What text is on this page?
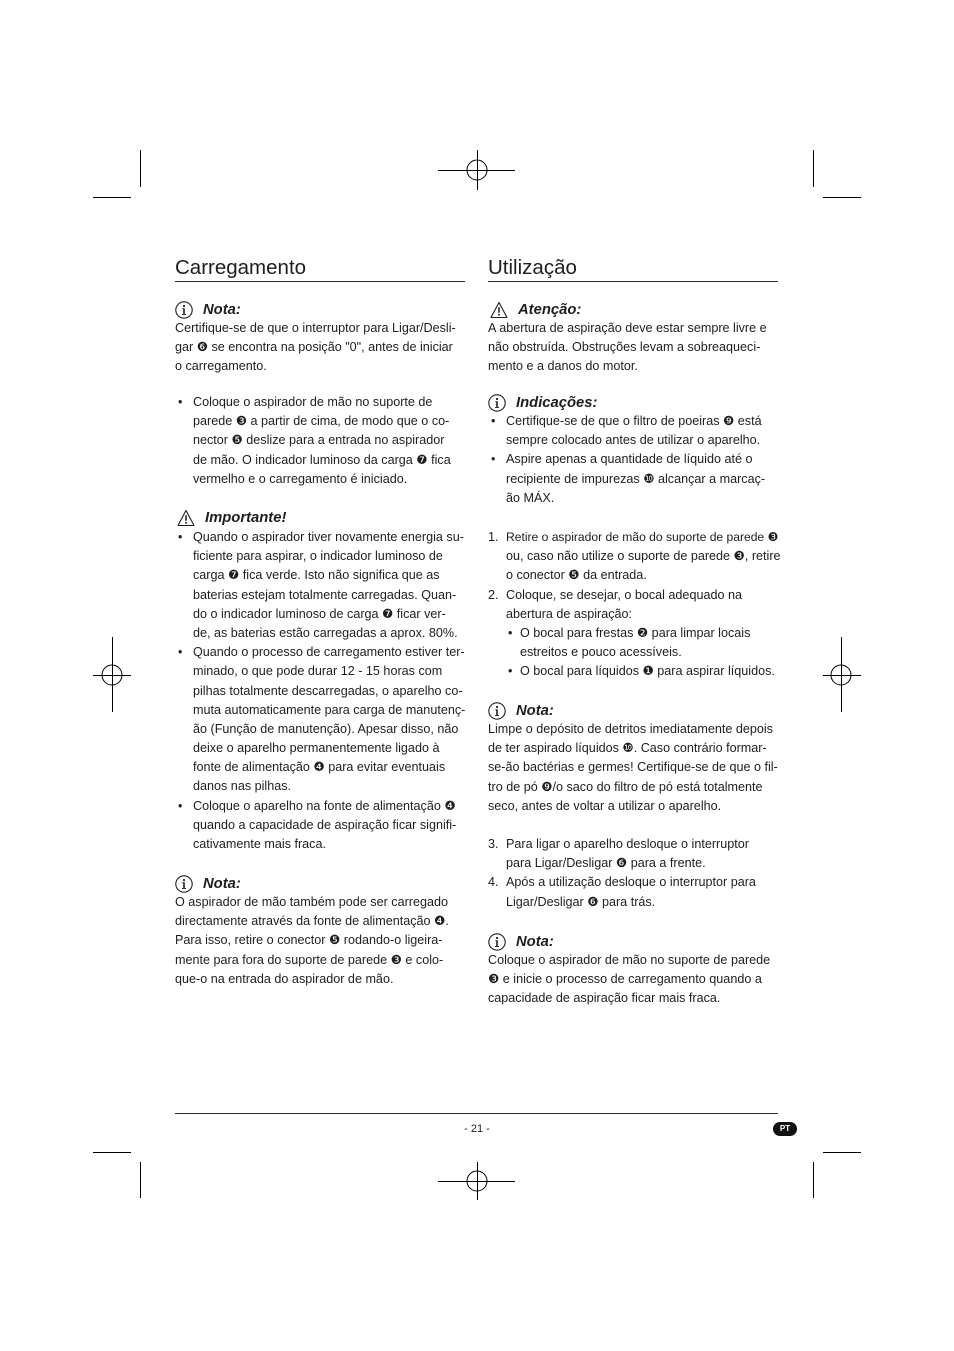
Carregamento
Nota:
Certifique-se de que o interruptor para Ligar/Desli-
gar ❻ se encontra na posição "0", antes de iniciar
o carregamento.
• Coloque o aspirador de mão no suporte de
parede ❸ a partir de cima, de modo que o co-
nector ❺ deslize para a entrada no aspirador
de mão. O indicador luminoso da carga ❼ fica
vermelho e o carregamento é iniciado.
Importante!
• Quando o aspirador tiver novamente energia su-
ficiente para aspirar, o indicador luminoso de
carga ❼ fica verde. Isto não significa que as
baterias estejam totalmente carregadas. Quan-
do o indicador luminoso de carga ❼ ficar ver-
de, as baterias estão carregadas a aprox. 80%.
• Quando o processo de carregamento estiver ter-
minado, o que pode durar 12 - 15 horas com
pilhas totalmente descarregadas, o aparelho co-
muta automaticamente para carga de manutenç-
ão (Função de manutenção). Apesar disso, não
deixe o aparelho permanentemente ligado à
fonte de alimentação ❹ para evitar eventuais
danos nas pilhas.
• Coloque o aparelho na fonte de alimentação ❹
quando a capacidade de aspiração ficar signifi-
cativamente mais fraca.
Nota:
O aspirador de mão também pode ser carregado
directamente através da fonte de alimentação ❹.
Para isso, retire o conector ❺ rodando-o ligeira-
mente para fora do suporte de parede ❸ e colo-
que-o na entrada do aspirador de mão.
Utilização
Atenção:
A abertura de aspiração deve estar sempre livre e
não obstruída. Obstruções levam a sobreaqueci-
mento e a danos do motor.
Indicações:
• Certifique-se de que o filtro de poeiras ❾ está
sempre colocado antes de utilizar o aparelho.
• Aspire apenas a quantidade de líquido até o
recipiente de impurezas ❿ alcançar a marcaç-
ão MÁX.
1. Retire o aspirador de mão do suporte de parede ❸
ou, caso não utilize o suporte de parede ❸, retire
o conector ❺ da entrada.
2. Coloque, se desejar, o bocal adequado na
abertura de aspiração:
• O bocal para frestas ❷ para limpar locais
estreitos e pouco acessíveis.
• O bocal para líquidos ❶ para aspirar líquidos.
Nota:
Limpe o depósito de detritos imediatamente depois
de ter aspirado líquidos ❿. Caso contrário formar-
se-ão bactérias e germes! Certifique-se de que o fil-
tro de pó ❾/o saco do filtro de pó está totalmente
seco, antes de voltar a utilizar o aparelho.
3. Para ligar o aparelho desloque o interruptor
para Ligar/Desligar ❻ para a frente.
4. Após a utilização desloque o interruptor para
Ligar/Desligar ❻ para trás.
Nota:
Coloque o aspirador de mão no suporte de parede
❸ e inicie o processo de carregamento quando a
capacidade de aspiração ficar mais fraca.
- 21 -	PT
